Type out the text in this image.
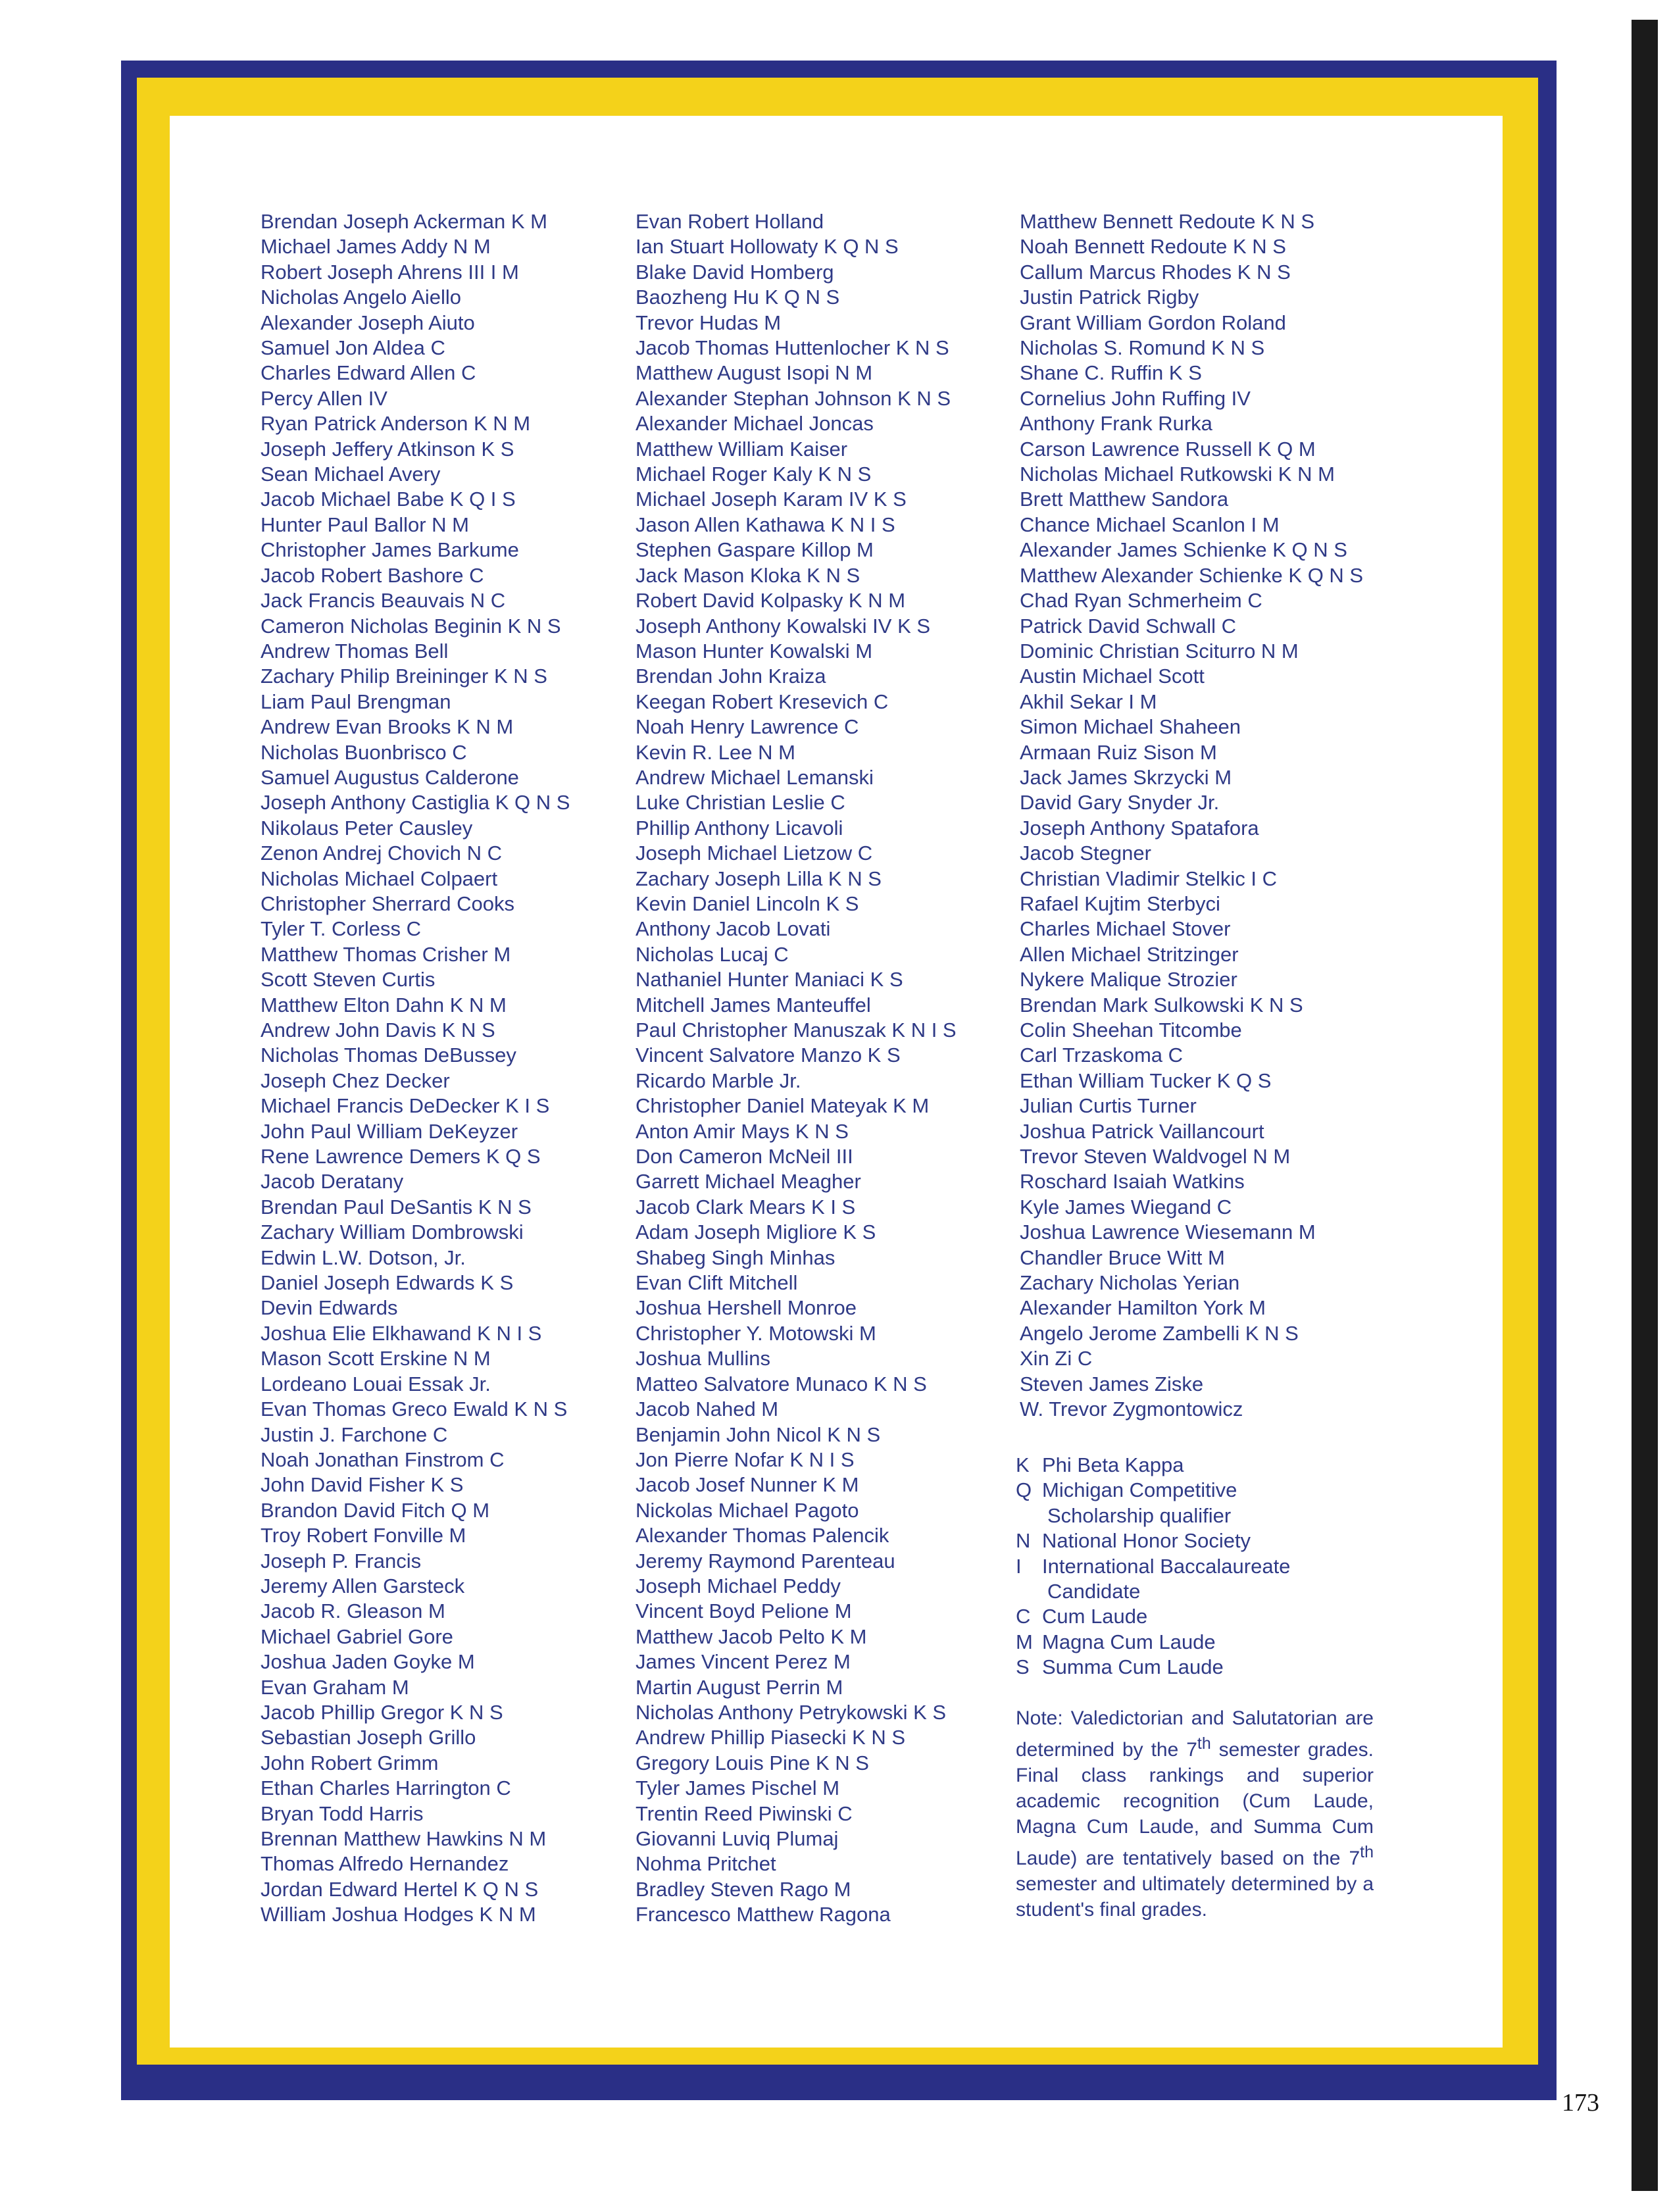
Brendan Joseph Ackerman K M
Michael James Addy N M
Robert Joseph Ahrens III I M
Nicholas Angelo Aiello
Alexander Joseph Aiuto
Samuel Jon Aldea C
Charles Edward Allen C
Percy Allen IV
Ryan Patrick Anderson K N M
Joseph Jeffery Atkinson K S
Sean Michael Avery
Jacob Michael Babe K Q I S
Hunter Paul Ballor N M
Christopher James Barkume
Jacob Robert Bashore C
Jack Francis Beauvais N C
Cameron Nicholas Beginin K N S
Andrew Thomas Bell
Zachary Philip Breininger K N S
Liam Paul Brengman
Andrew Evan Brooks K N M
Nicholas Buonbrisco C
Samuel Augustus Calderone
Joseph Anthony Castiglia K Q N S
Nikolaus Peter Causley
Zenon Andrej Chovich N C
Nicholas Michael Colpaert
Christopher Sherrard Cooks
Tyler T. Corless C
Matthew Thomas Crisher M
Scott Steven Curtis
Matthew Elton Dahn K N M
Andrew John Davis K N S
Nicholas Thomas DeBussey
Joseph Chez Decker
Michael Francis DeDecker K I S
John Paul William DeKeyzer
Rene Lawrence Demers K Q S
Jacob Deratany
Brendan Paul DeSantis K N S
Zachary William Dombrowski
Edwin L.W. Dotson, Jr.
Daniel Joseph Edwards K S
Devin Edwards
Joshua Elie Elkhawand K N I S
Mason Scott Erskine N M
Lordeano Louai Essak Jr.
Evan Thomas Greco Ewald K N S
Justin J. Farchone C
Noah Jonathan Finstrom C
John David Fisher K S
Brandon David Fitch Q M
Troy Robert Fonville M
Joseph P. Francis
Jeremy Allen Garsteck
Jacob R. Gleason M
Michael Gabriel Gore
Joshua Jaden Goyke M
Evan Graham M
Jacob Phillip Gregor K N S
Sebastian Joseph Grillo
John Robert Grimm
Ethan Charles Harrington C
Bryan Todd Harris
Brennan Matthew Hawkins N M
Thomas Alfredo Hernandez
Jordan Edward Hertel K Q N S
William Joshua Hodges K N M
Evan Robert Holland
Ian Stuart Hollowaty K Q N S
Blake David Homberg
Baozheng Hu K Q N S
Trevor Hudas M
Jacob Thomas Huttenlocher K N S
Matthew August Isopi N M
Alexander Stephan Johnson K N S
Alexander Michael Joncas
Matthew William Kaiser
Michael Roger Kaly K N S
Michael Joseph Karam IV K S
Jason Allen Kathawa K N I S
Stephen Gaspare Killop M
Jack Mason Kloka K N S
Robert David Kolpasky K N M
Joseph Anthony Kowalski IV K S
Mason Hunter Kowalski M
Brendan John Kraiza
Keegan Robert Kresevich C
Noah Henry Lawrence C
Kevin R. Lee N M
Andrew Michael Lemanski
Luke Christian Leslie C
Phillip Anthony Licavoli
Joseph Michael Lietzow C
Zachary Joseph Lilla K N S
Kevin Daniel Lincoln K S
Anthony Jacob Lovati
Nicholas Lucaj C
Nathaniel Hunter Maniaci K S
Mitchell James Manteuffel
Paul Christopher Manuszak K N I S
Vincent Salvatore Manzo K S
Ricardo Marble Jr.
Christopher Daniel Mateyak K M
Anton Amir Mays K N S
Don Cameron McNeil III
Garrett Michael Meagher
Jacob Clark Mears K I S
Adam Joseph Migliore K S
Shabeg Singh Minhas
Evan Clift Mitchell
Joshua Hershell Monroe
Christopher Y. Motowski M
Joshua Mullins
Matteo Salvatore Munaco K N S
Jacob Nahed M
Benjamin John Nicol K N S
Jon Pierre Nofar K N I S
Jacob Josef Nunner K M
Nickolas Michael Pagoto
Alexander Thomas Palencik
Jeremy Raymond Parenteau
Joseph Michael Peddy
Vincent Boyd Pelione M
Matthew Jacob Pelto K M
James Vincent Perez M
Martin August Perrin M
Nicholas Anthony Petrykowski K S
Andrew Phillip Piasecki K N S
Gregory Louis Pine K N S
Tyler James Pischel M
Trentin Reed Piwinski C
Giovanni Luviq Plumaj
Nohma Pritchet
Bradley Steven Rago M
Francesco Matthew Ragona
Matthew Bennett Redoute K N S
Noah Bennett Redoute K N S
Callum Marcus Rhodes K N S
Justin Patrick Rigby
Grant William Gordon Roland
Nicholas S. Romund K N S
Shane C. Ruffin K S
Cornelius John Ruffing IV
Anthony Frank Rurka
Carson Lawrence Russell K Q M
Nicholas Michael Rutkowski K N M
Brett Matthew Sandora
Chance Michael Scanlon I M
Alexander James Schienke K Q N S
Matthew Alexander Schienke K Q N S
Chad Ryan Schmerheim C
Patrick David Schwall C
Dominic Christian Sciturro N M
Austin Michael Scott
Akhil Sekar I M
Simon Michael Shaheen
Armaan Ruiz Sison M
Jack James Skrzycki M
David Gary Snyder Jr.
Joseph Anthony Spatafora
Jacob Stegner
Christian Vladimir Stelkic I C
Rafael Kujtim Sterbyci
Charles Michael Stover
Allen Michael Stritzinger
Nykere Malique Strozier
Brendan Mark Sulkowski K N S
Colin Sheehan Titcombe
Carl Trzaskoma C
Ethan William Tucker K Q S
Julian Curtis Turner
Joshua Patrick Vaillancourt
Trevor Steven Waldvogel N M
Roschard Isaiah Watkins
Kyle James Wiegand C
Joshua Lawrence Wiesemann M
Chandler Bruce Witt M
Zachary Nicholas Yerian
Alexander Hamilton York M
Angelo Jerome Zambelli K N S
Xin Zi C
Steven James Ziske
W. Trevor Zygmontowicz
K Phi Beta Kappa
Q Michigan Competitive
Scholarship qualifier
N National Honor Society
I International Baccalaureate
Candidate
C Cum Laude
M Magna Cum Laude
S Summa Cum Laude

Note: Valedictorian and Salutatorian are determined by the 7th semester grades. Final class rankings and superior academic recognition (Cum Laude, Magna Cum Laude, and Summa Cum Laude) are tentatively based on the 7th semester and ultimately determined by a student's final grades.

173
